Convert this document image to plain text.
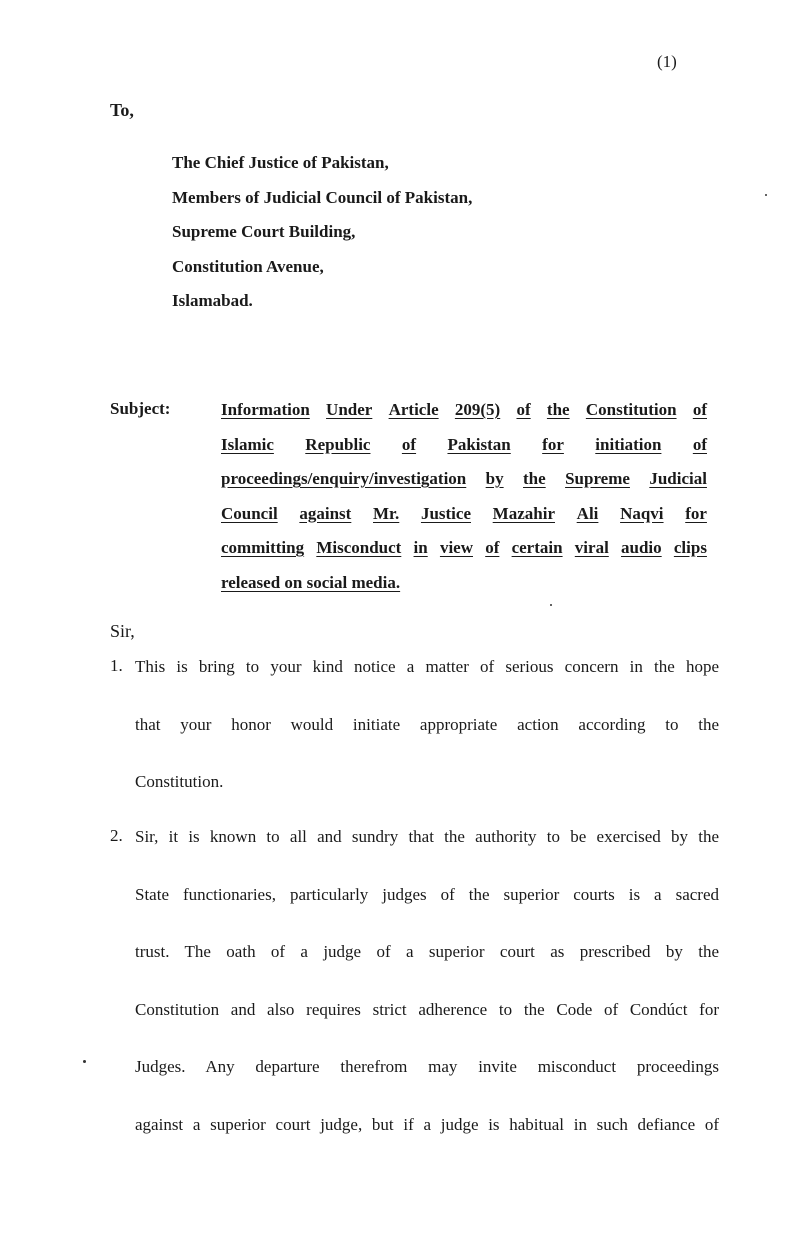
(1)
To,
The Chief Justice of Pakistan,
Members of Judicial Council of Pakistan,
Supreme Court Building,
Constitution Avenue,
Islamabad.
Subject:	Information Under Article 209(5) of the Constitution of
Islamic Republic of Pakistan for initiation of
proceedings/enquiry/investigation by the Supreme Judicial
Council against Mr. Justice Mazahir Ali Naqvi for
committing Misconduct in view of certain viral audio clips
released on social media.
Sir,
1. This is bring to your kind notice a matter of serious concern in the hope
that your honor would initiate appropriate action according to the
Constitution.
2. Sir, it is known to all and sundry that the authority to be exercised by the
State functionaries, particularly judges of the superior courts is a sacred
trust. The oath of a judge of a superior court as prescribed by the
Constitution and also requires strict adherence to the Code of Condúct for
Judges. Any departure therefrom may invite misconduct proceedings
against a superior court judge, but if a judge is habitual in such defiance of
